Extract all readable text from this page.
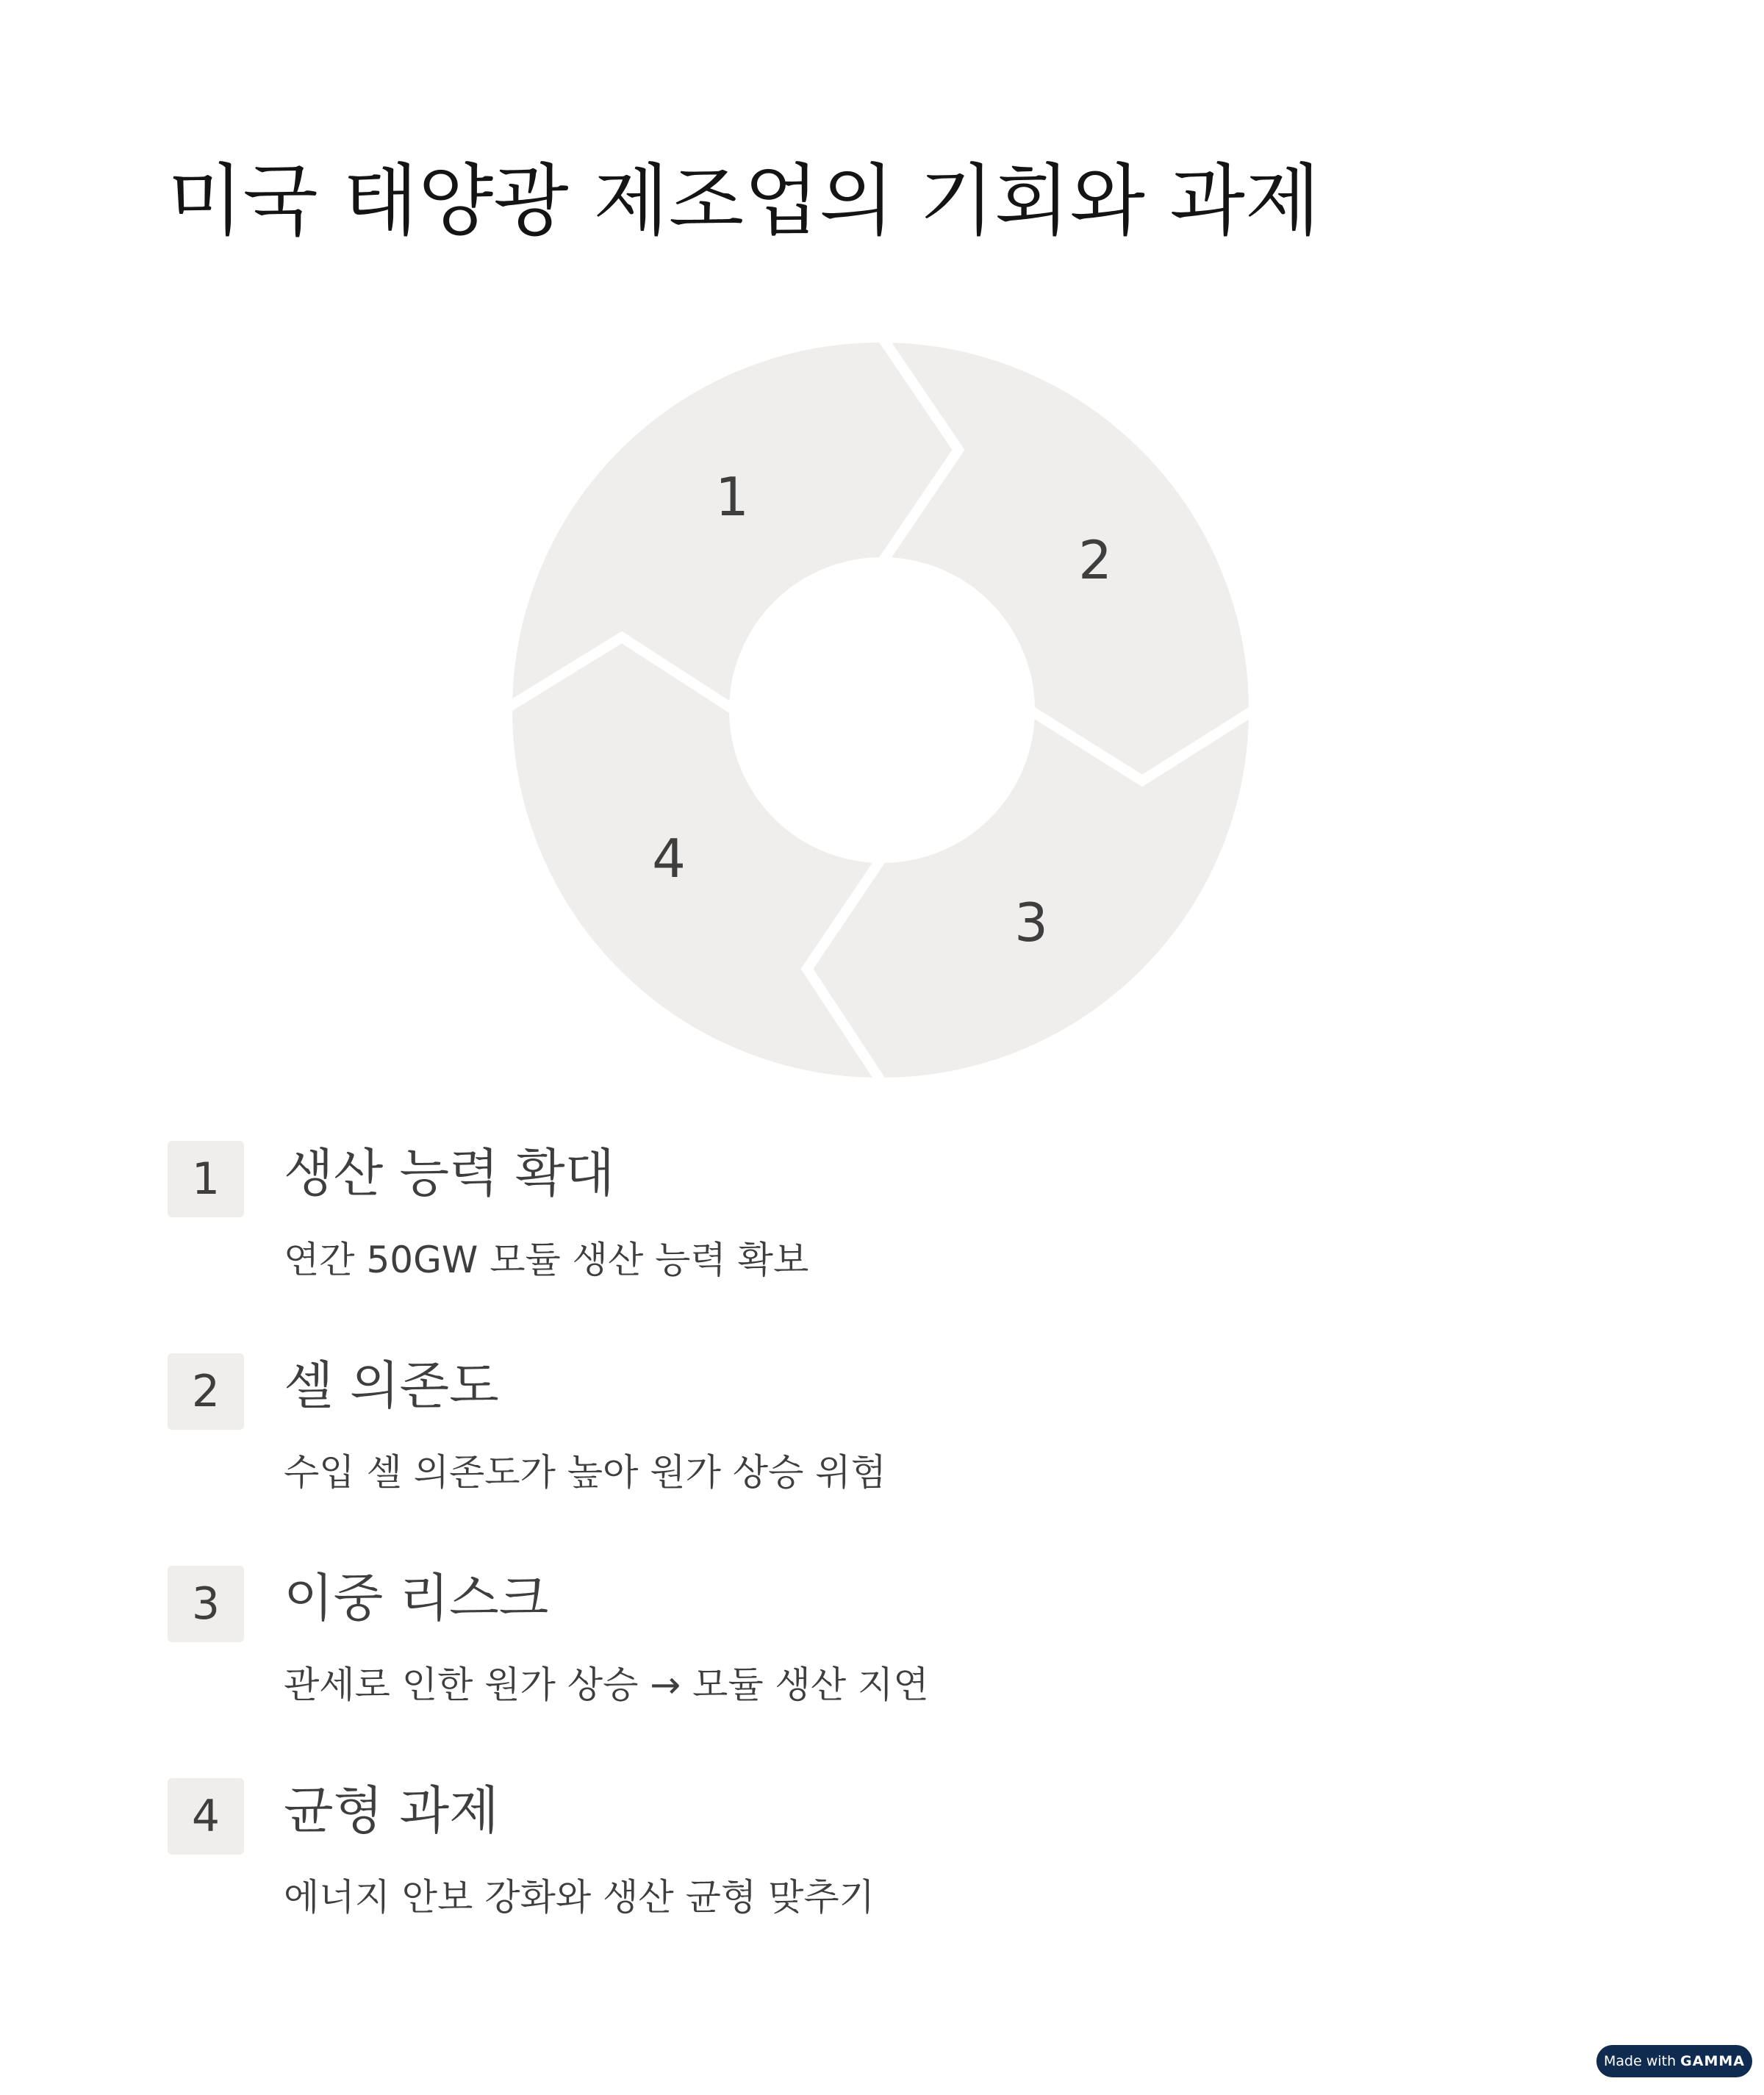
미국 태양광 제조업의 기회와 과제
1
2
3
4
1	생산 능력 확대
연간 50GW 모듈 생산 능력 확보
2	셀 의존도
수입 셀 의존도가 높아 원가 상승 위험
3	이중 리스크
관세로 인한 원가 상승 → 모듈 생산 지연
4	균형 과제
에너지 안보 강화와 생산 균형 맞추기
Made with GAMMA
